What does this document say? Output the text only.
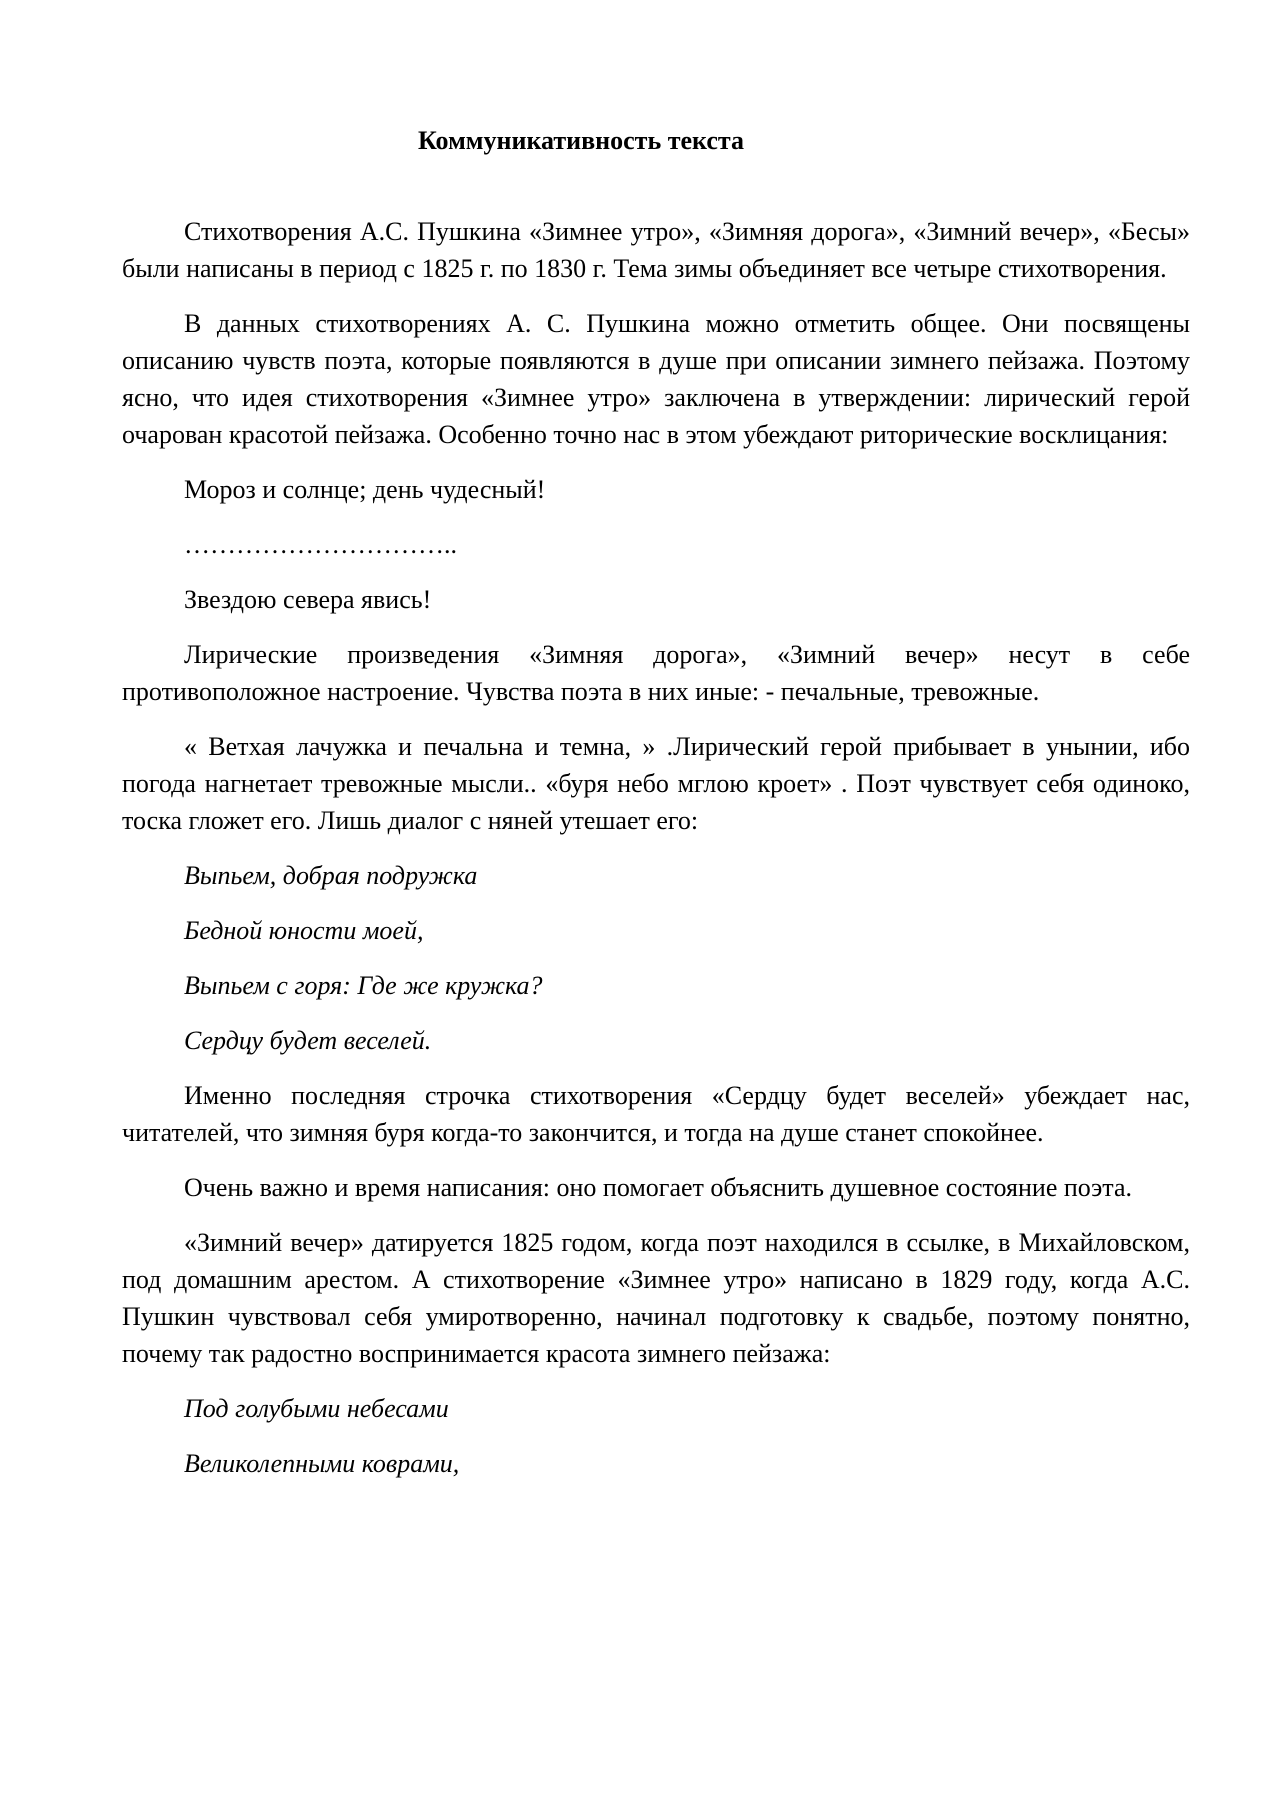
Коммуникативность текста

Стихотворения А.С. Пушкина «Зимнее утро», «Зимняя дорога», «Зимний вечер», «Бесы» были написаны в период с 1825 г. по 1830 г. Тема зимы объединяет все четыре стихотворения.

В данных стихотворениях А. С. Пушкина можно отметить общее. Они посвящены описанию чувств поэта, которые появляются в душе при описании зимнего пейзажа. Поэтому ясно, что идея стихотворения «Зимнее утро» заключена в утверждении: лирический герой очарован красотой пейзажа. Особенно точно нас в этом убеждают риторические восклицания:

Мороз и солнце; день чудесный!

…………………………..

Звездою севера явись!

Лирические произведения «Зимняя дорога», «Зимний вечер» несут в себе противоположное настроение. Чувства поэта в них иные: - печальные, тревожные.

« Ветхая лачужка и печальна и темна, » .Лирический герой прибывает в унынии, ибо погода нагнетает тревожные мысли.. «буря небо мглою кроет» . Поэт чувствует себя одиноко, тоска гложет его. Лишь диалог с няней утешает его:

Выпьем, добрая подружка

Бедной юности моей,

Выпьем с горя: Где же кружка?

Сердцу будет веселей.

Именно последняя строчка стихотворения «Сердцу будет веселей» убеждает нас, читателей, что зимняя буря когда-то закончится, и тогда на душе станет спокойнее.

Очень важно и время написания: оно помогает объяснить душевное состояние поэта.

«Зимний вечер» датируется 1825 годом, когда поэт находился в ссылке, в Михайловском, под домашним арестом. А стихотворение «Зимнее утро» написано в 1829 году, когда А.С. Пушкин чувствовал себя умиротворенно, начинал подготовку к свадьбе, поэтому понятно, почему так радостно воспринимается красота зимнего пейзажа:

Под голубыми небесами

Великолепными коврами,
